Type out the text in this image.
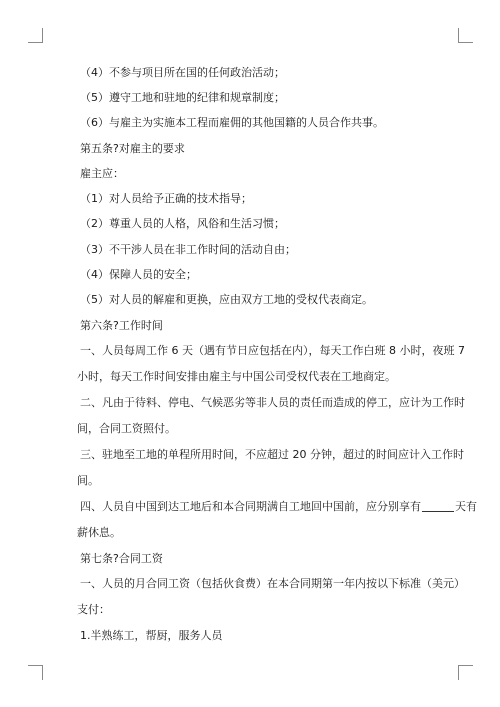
（4）不参与项目所在国的任何政治活动；
（5）遵守工地和驻地的纪律和规章制度；
（6）与雇主为实施本工程而雇佣的其他国籍的人员合作共事。
第五条?对雇主的要求
雇主应：
（1）对人员给予正确的技术指导；
（2）尊重人员的人格，风俗和生活习惯；
（3）不干涉人员在非工作时间的活动自由；
（4）保障人员的安全；
（5）对人员的解雇和更换，应由双方工地的受权代表商定。
第六条?工作时间
一、人员每周工作 6 天（遇有节日应包括在内），每天工作白班 8 小时，夜班 7
小时，每天工作时间安排由雇主与中国公司受权代表在工地商定。
二、凡由于待料、停电、气候恶劣等非人员的责任而造成的停工，应计为工作时
间，合同工资照付。
三、驻地至工地的单程所用时间，不应超过 20 分钟，超过的时间应计入工作时
间。
四、人员自中国到达工地后和本合同期满自工地回中国前，应分别享有	天有
薪休息。
第七条?合同工资
一、人员的月合同工资（包括伙食费）在本合同期第一年内按以下标准（美元）
支付：
1.半熟练工，帮厨，服务人员
